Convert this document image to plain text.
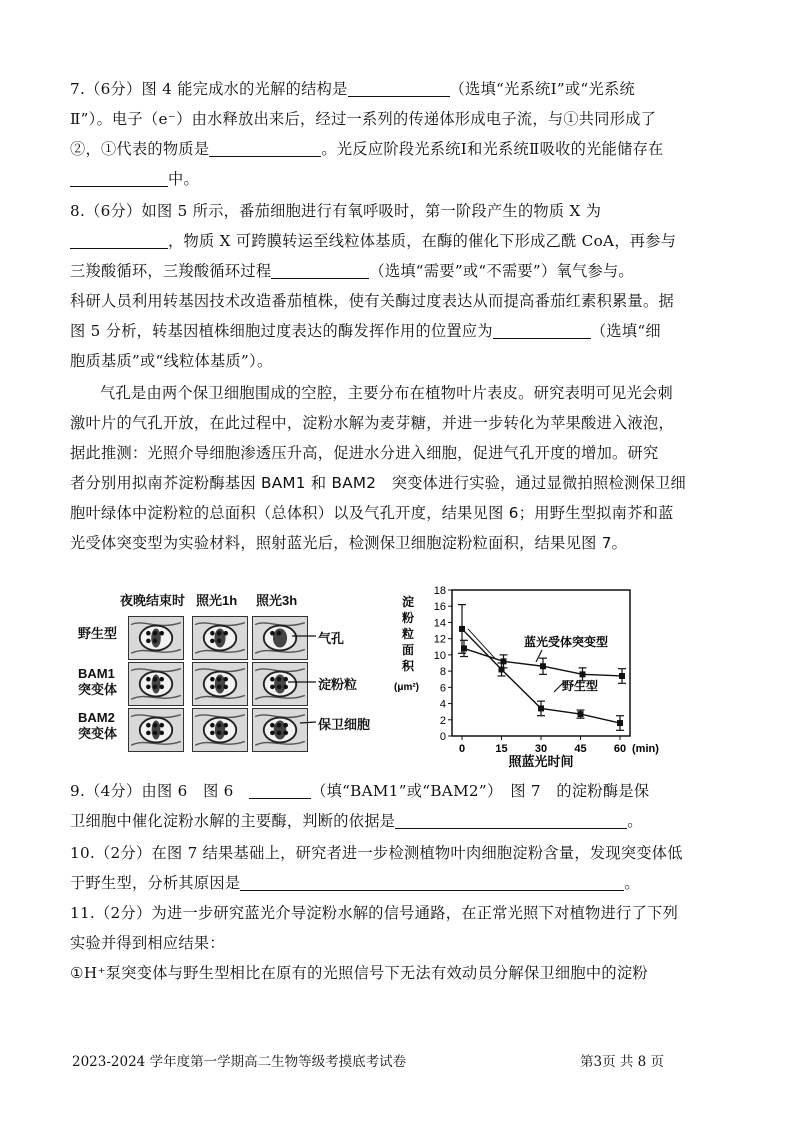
7.（6分）图 4 能完成水的光解的结构是	（选填“光系统Ⅰ”或“光系统
Ⅱ”）。电子（e⁻）由水释放出来后，经过一系列的传递体形成电子流，与①共同形成了
②，①代表的物质是	。光反应阶段光系统Ⅰ和光系统Ⅱ吸收的光能储存在
中。
8.（6分）如图 5 所示，番茄细胞进行有氧呼吸时，第一阶段产生的物质 X 为
，物质 X 可跨膜转运至线粒体基质，在酶的催化下形成乙酰 CoA，再参与
三羧酸循环，三羧酸循环过程	（选填“需要”或“不需要”）氧气参与。
科研人员利用转基因技术改造番茄植株，使有关酶过度表达从而提高番茄红素积累量。据
图 5 分析，转基因植株细胞过度表达的酶发挥作用的位置应为	（选填“细
胞质基质”或“线粒体基质”）。
气孔是由两个保卫细胞围成的空腔，主要分布在植物叶片表皮。研究表明可见光会刺
激叶片的气孔开放，在此过程中，淀粉水解为麦芽糖，并进一步转化为苹果酸进入液泡，
据此推测：光照介导细胞渗透压升高，促进水分进入细胞，促进气孔开度的增加。研究
者分别用拟南芥淀粉酶基因 BAM1 和 BAM2　突变体进行实验，通过显微拍照检测保卫细
胞叶绿体中淀粉粒的总面积（总体积）以及气孔开度，结果见图 6；用野生型拟南芥和蓝
光受体突变型为实验材料，照射蓝光后，检测保卫细胞淀粉粒面积，结果见图 7。
夜晚结束时 照光1h 照光3h
野生型
BAM1
突变体
BAM2
突变体
气孔
淀粉粒
保卫细胞
0
2
4
6
8
10
12
14
16
18
0	15 30 45 60 (min)
照蓝光时间
淀
粉
粒
面
积
(μm²)
蓝光受体突变型
野生型
9.（4分）由图 6　图 6　	（填“BAM1”或“BAM2”）　图 7　的淀粉酶是保
卫细胞中催化淀粉水解的主要酶，判断的依据是	。
10.（2分）在图 7 结果基础上，研究者进一步检测植物叶肉细胞淀粉含量，发现突变体低
于野生型，分析其原因是	。
11.（2分）为进一步研究蓝光介导淀粉水解的信号通路，在正常光照下对植物进行了下列
实验并得到相应结果：
①H⁺泵突变体与野生型相比在原有的光照信号下无法有效动员分解保卫细胞中的淀粉
2023-2024 学年度第一学期高二生物等级考摸底考试卷	第3页 共 8 页
